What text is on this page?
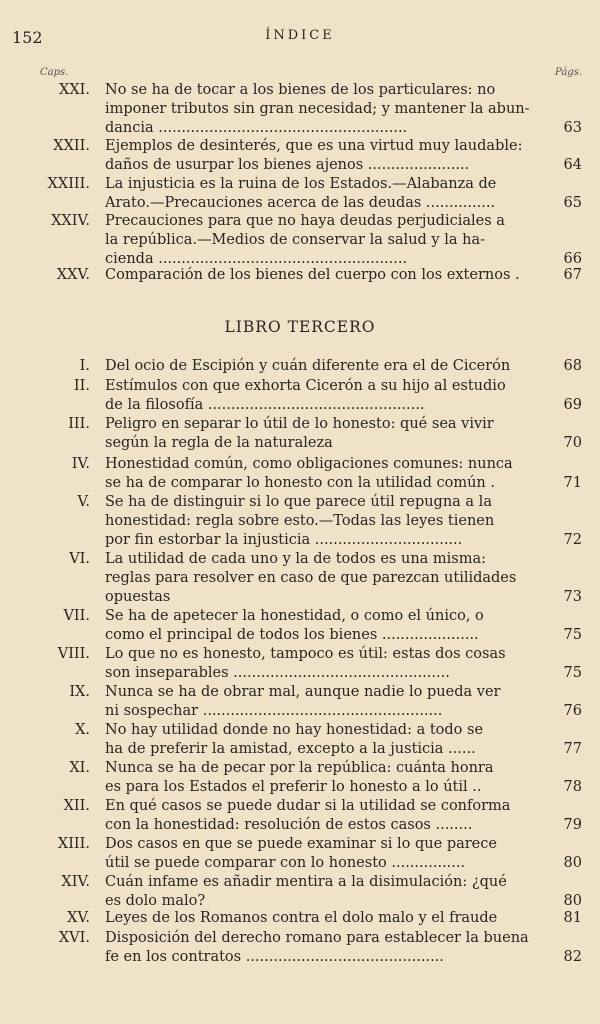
152	ÍNDICE
Caps.	Págs.
XXI. No se ha de tocar a los bienes de los particulares: no
imponer tributos sin gran necesidad; y mantener la abun-
dancia ......................................................	63
XXII. Ejemplos de desinterés, que es una virtud muy laudable:
daños de usurpar los bienes ajenos ......................	64
XXIII. La injusticia es la ruina de los Estados.—Alabanza de
Arato.—Precauciones acerca de las deudas ...............	65
XXIV. Precauciones para que no haya deudas perjudiciales a
la república.—Medios de conservar la salud y la ha-
cienda ......................................................	66
XXV. Comparación de los bienes del cuerpo con los externos .	67
LIBRO TERCERO
I. Del ocio de Escipión y cuán diferente era el de Cicerón	68
II. Estímulos con que exhorta Cicerón a su hijo al estudio
de la filosofía ...............................................	69
III. Peligro en separar lo útil de lo honesto: qué sea vivir
según la regla de la naturaleza	70
IV. Honestidad común, como obligaciones comunes: nunca
se ha de comparar lo honesto con la utilidad común .	71
V. Se ha de distinguir si lo que parece útil repugna a la
honestidad: regla sobre esto.—Todas las leyes tienen
por fin estorbar la injusticia ................................	72
VI. La utilidad de cada uno y la de todos es una misma:
reglas para resolver en caso de que parezcan utilidades
opuestas	73
VII. Se ha de apetecer la honestidad, o como el único, o
como el principal de todos los bienes .....................	75
VIII. Lo que no es honesto, tampoco es útil: estas dos cosas
son inseparables ...............................................	75
IX. Nunca se ha de obrar mal, aunque nadie lo pueda ver
ni sospechar ....................................................	76
X. No hay utilidad donde no hay honestidad: a todo se
ha de preferir la amistad, excepto a la justicia ......	77
XI. Nunca se ha de pecar por la república: cuánta honra
es para los Estados el preferir lo honesto a lo útil ..	78
XII. En qué casos se puede dudar si la utilidad se conforma
con la honestidad: resolución de estos casos ........	79
XIII. Dos casos en que se puede examinar si lo que parece
útil se puede comparar con lo honesto ................	80
XIV. Cuán infame es añadir mentira a la disimulación: ¿qué
es dolo malo?	80
XV. Leyes de los Romanos contra el dolo malo y el fraude	81
XVI. Disposición del derecho romano para establecer la buena
fe en los contratos ...........................................	82
